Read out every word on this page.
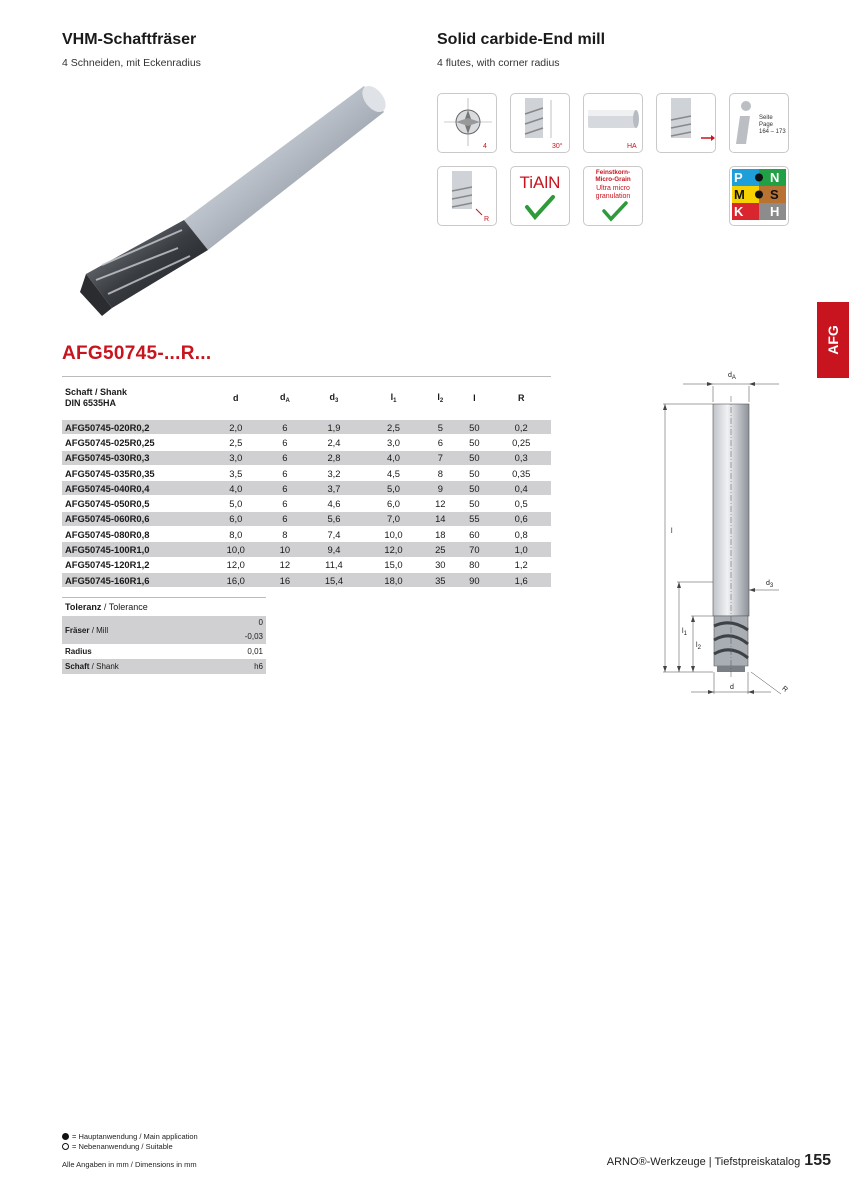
VHM-Schaftfräser
4 Schneiden, mit Eckenradius
Solid carbide-End mill
4 flutes, with corner radius
4	30°	HA
Seite Page
164 – 173
R
TiAlN
Feinstkorn-
Micro-Grain
Ultra micro granulation
P N
M S
K H
AFG
AFG50745-...R...
Schaft / Shank
DIN 6535HA	d	$d_A$	$d_3$	$l_1$	$l_2$	l	R
AFG50745-020R0,2	2,0	6	1,9	2,5	5	50	0,2
AFG50745-025R0,25	2,5	6	2,4	3,0	6	50	0,25
AFG50745-030R0,3	3,0	6	2,8	4,0	7	50	0,3
AFG50745-035R0,35	3,5	6	3,2	4,5	8	50	0,35
AFG50745-040R0,4	4,0	6	3,7	5,0	9	50	0,4
AFG50745-050R0,5	5,0	6	4,6	6,0	12	50	0,5
AFG50745-060R0,6	6,0	6	5,6	7,0	14	55	0,6
AFG50745-080R0,8	8,0	8	7,4	10,0	18	60	0,8
AFG50745-100R1,0	10,0	10	9,4	12,0	25	70	1,0
AFG50745-120R1,2	12,0	12	11,4	15,0	30	80	1,2
AFG50745-160R1,6	16,0	16	15,4	18,0	35	90	1,6
Toleranz / Tolerance	
Fräser / Mill	0
-0,03
Radius	0,01
Schaft / Shank	h6
$d_A$
$d_3$
l
$l_1$
$l_2$
d	R
= Hauptanwendung / Main application
= Nebenanwendung / Suitable
Alle Angaben in mm / Dimensions in mm	ARNO®-Werkzeuge | Tiefstpreiskatalog 155
